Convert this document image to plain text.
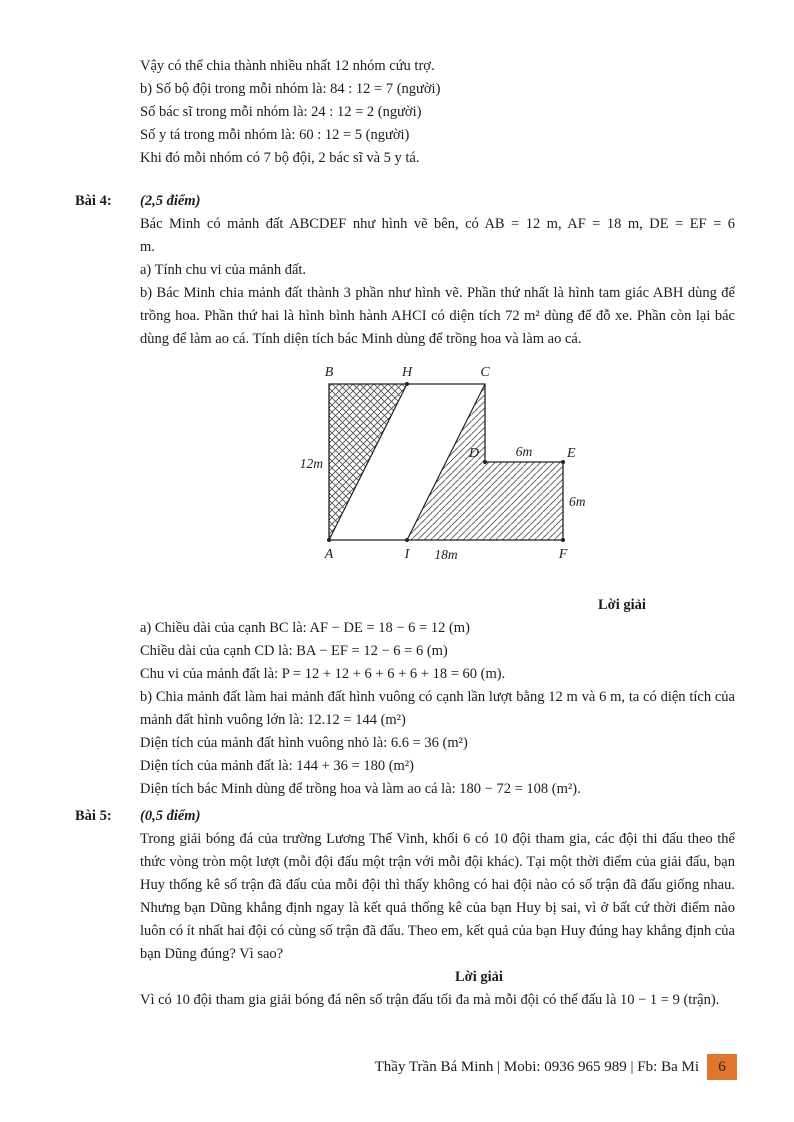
Vậy có thể chia thành nhiều nhất 12 nhóm cứu trợ.
b) Số bộ đội trong mỗi nhóm là: 84 : 12 = 7 (người)
Số bác sĩ trong mỗi nhóm là: 24 : 12 = 2 (người)
Số y tá trong mỗi nhóm là: 60 : 12 = 5 (người)
Khi đó mỗi nhóm có 7 bộ đội, 2 bác sĩ và 5 y tá.
Bài 4: (2,5 điểm)
Bác Minh có mảnh đất ABCDEF như hình vẽ bên, có AB = 12 m, AF = 18 m, DE = EF = 6
m.
a) Tính chu vi của mảnh đất.
b) Bác Minh chia mảnh đất thành 3 phần như hình vẽ. Phần thứ nhất là hình tam giác ABH dùng để trồng hoa. Phần thứ hai là hình bình hành AHCI có diện tích 72 m² dùng để đỗ xe. Phần còn lại bác dùng để làm ao cá. Tính diện tích bác Minh dùng để trồng hoa và làm ao cá.
B	H	C
D	E
A	I	F
12m
6m
6m
18m
Lời giải
a) Chiều dài của cạnh BC là: AF − DE = 18 − 6 = 12 (m)
Chiều dài của cạnh CD là: BA − EF = 12 − 6 = 6 (m)
Chu vi của mảnh đất là: P = 12 + 12 + 6 + 6 + 6 + 18 = 60 (m).
b) Chia mảnh đất làm hai mảnh đất hình vuông có cạnh lần lượt bằng 12 m và 6 m, ta có diện tích của mảnh đất hình vuông lớn là: 12.12 = 144 (m²)
Diện tích của mảnh đất hình vuông nhỏ là: 6.6 = 36 (m²)
Diện tích của mảnh đất là: 144 + 36 = 180 (m²)
Diện tích bác Minh dùng để trồng hoa và làm ao cá là: 180 − 72 = 108 (m²).
Bài 5: (0,5 điểm)
Trong giải bóng đá của trường Lương Thế Vinh, khối 6 có 10 đội tham gia, các đội thi đấu theo thể thức vòng tròn một lượt (mỗi đội đấu một trận với mỗi đội khác). Tại một thời điểm của giải đấu, bạn Huy thống kê số trận đã đấu của mỗi đội thì thấy không có hai đội nào có số trận đã đấu giống nhau. Nhưng bạn Dũng khẳng định ngay là kết quả thống kê của bạn Huy bị sai, vì ở bất cứ thời điểm nào luôn có ít nhất hai đội có cùng số trận đã đấu. Theo em, kết quả của bạn Huy đúng hay khẳng định của bạn Dũng đúng? Vì sao?
Lời giải
Vì có 10 đội tham gia giải bóng đá nên số trận đấu tối đa mà mỗi đội có thể đấu là 10 − 1 = 9 (trận).
Thầy Trần Bá Minh | Mobi: 0936 965 989 | Fb: Ba Mi	6
